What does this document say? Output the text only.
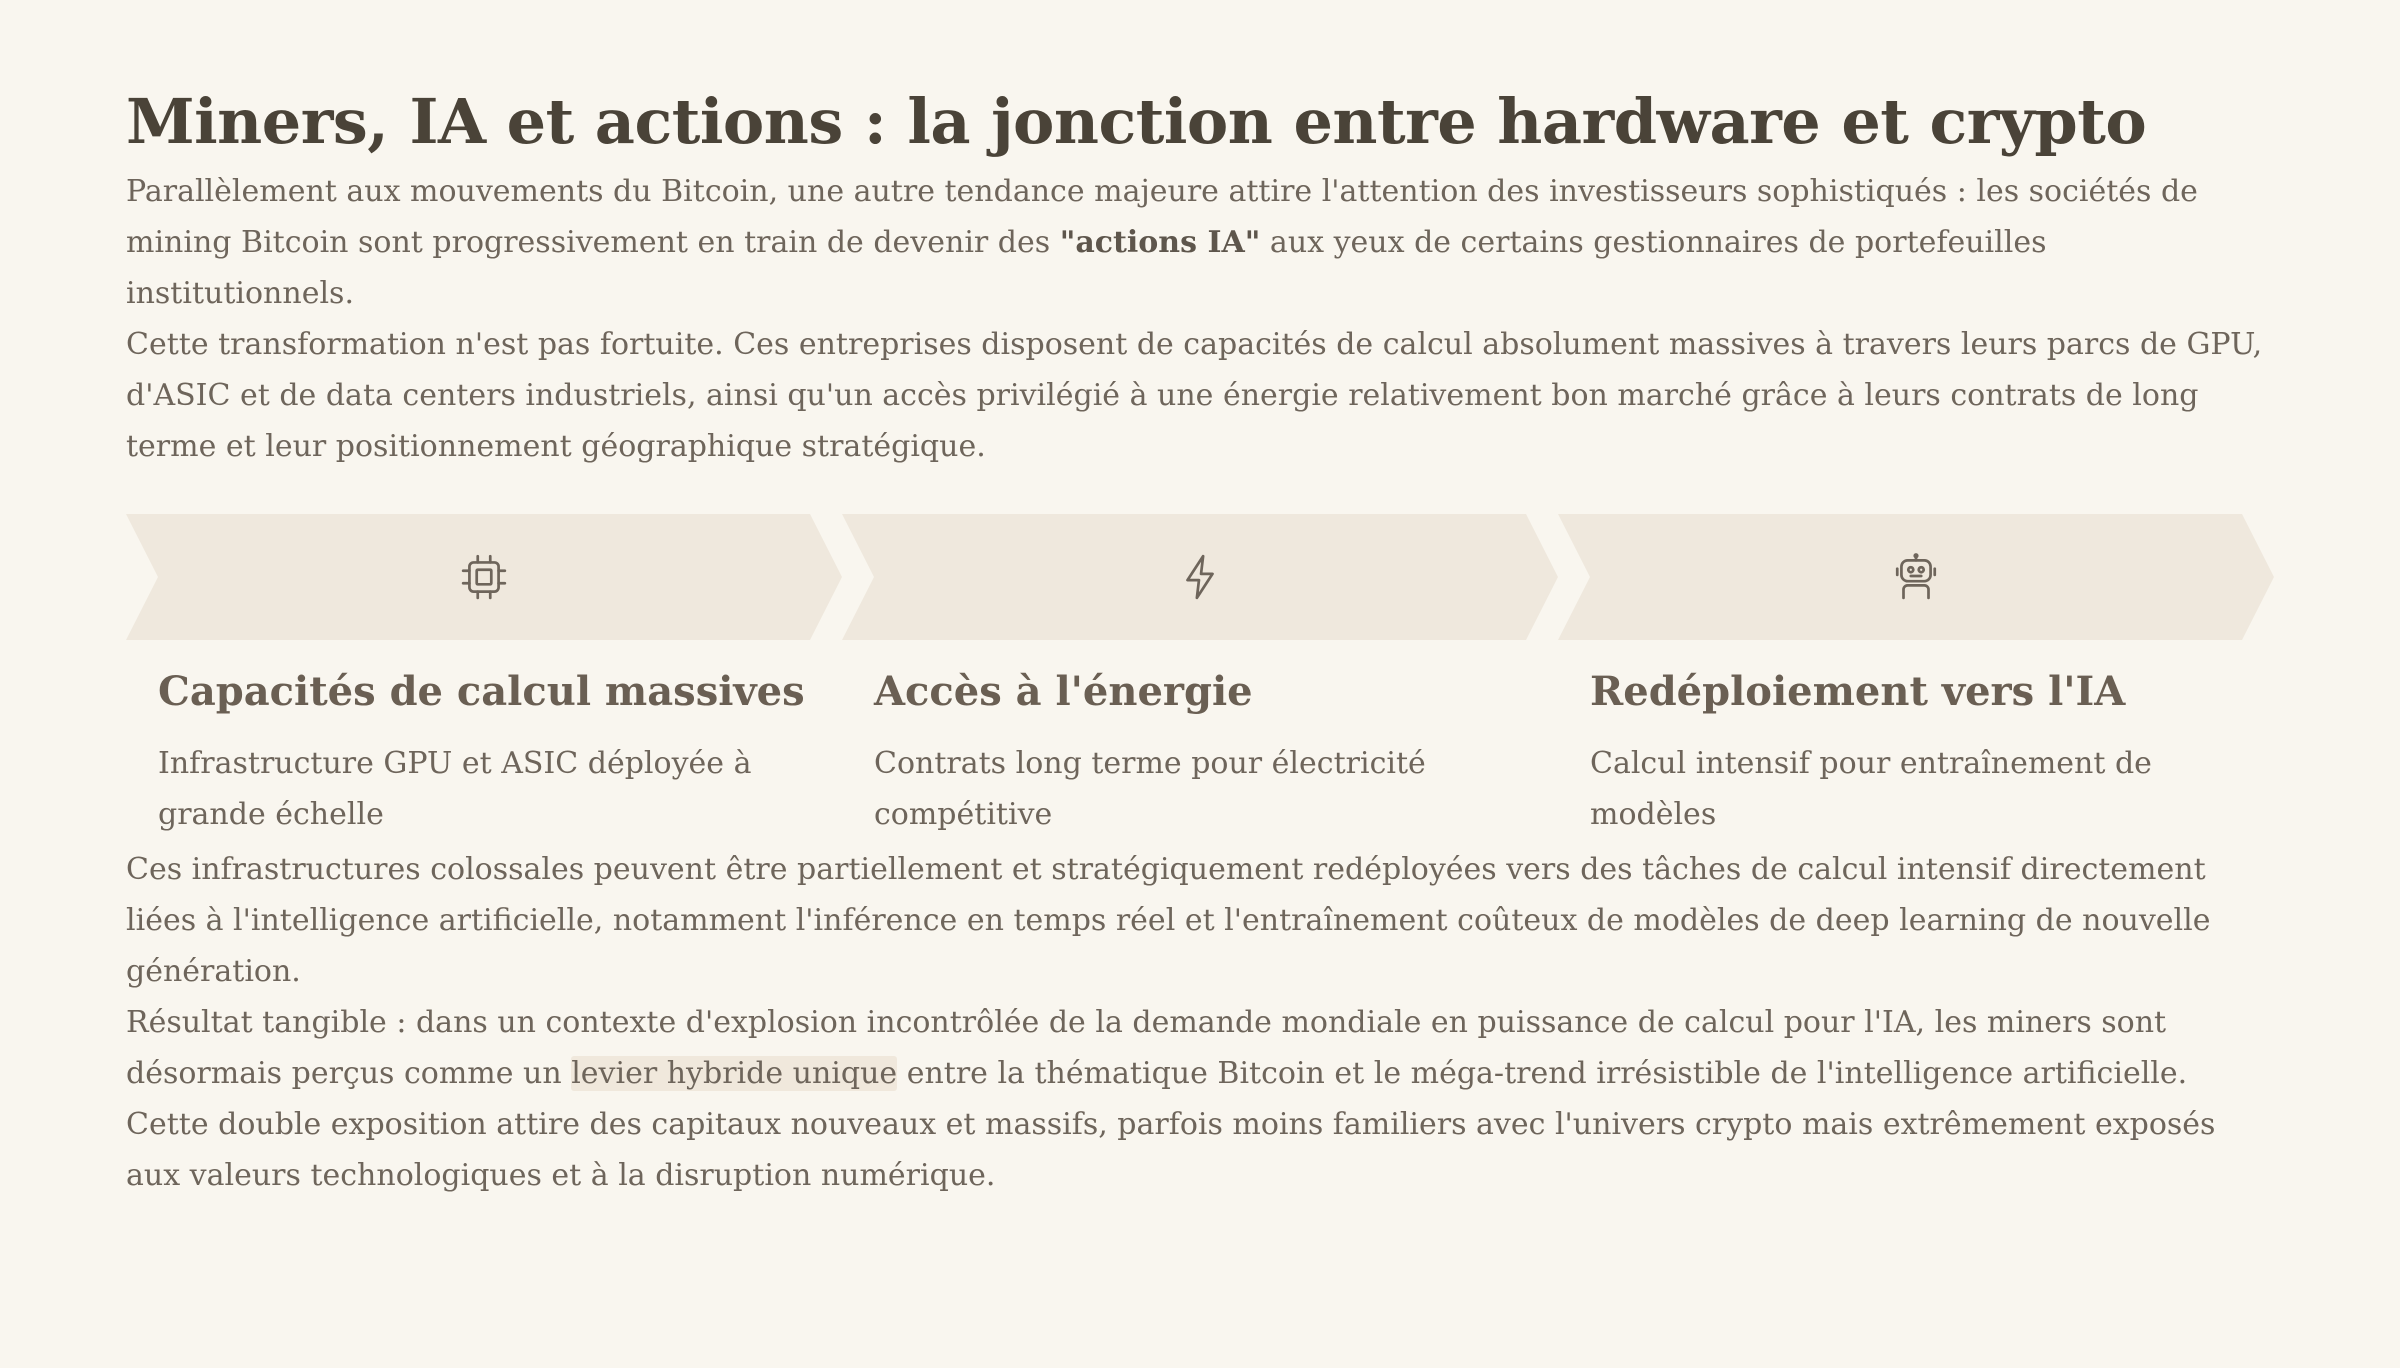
Miners, IA et actions : la jonction entre hardware et crypto

Parallèlement aux mouvements du Bitcoin, une autre tendance majeure attire l'attention des investisseurs sophistiqués : les sociétés de mining Bitcoin sont progressivement en train de devenir des "actions IA" aux yeux de certains gestionnaires de portefeuilles institutionnels.

Cette transformation n'est pas fortuite. Ces entreprises disposent de capacités de calcul absolument massives à travers leurs parcs de GPU, d'ASIC et de data centers industriels, ainsi qu'un accès privilégié à une énergie relativement bon marché grâce à leurs contrats de long terme et leur positionnement géographique stratégique.

Capacités de calcul massives

Infrastructure GPU et ASIC déployée à grande échelle

Accès à l'énergie

Contrats long terme pour électricité compétitive

Redéploiement vers l'IA

Calcul intensif pour entraînement de modèles

Ces infrastructures colossales peuvent être partiellement et stratégiquement redéployées vers des tâches de calcul intensif directement liées à l'intelligence artificielle, notamment l'inférence en temps réel et l'entraînement coûteux de modèles de deep learning de nouvelle génération.

Résultat tangible : dans un contexte d'explosion incontrôlée de la demande mondiale en puissance de calcul pour l'IA, les miners sont désormais perçus comme un levier hybride unique entre la thématique Bitcoin et le méga-trend irrésistible de l'intelligence artificielle. Cette double exposition attire des capitaux nouveaux et massifs, parfois moins familiers avec l'univers crypto mais extrêmement exposés aux valeurs technologiques et à la disruption numérique.
